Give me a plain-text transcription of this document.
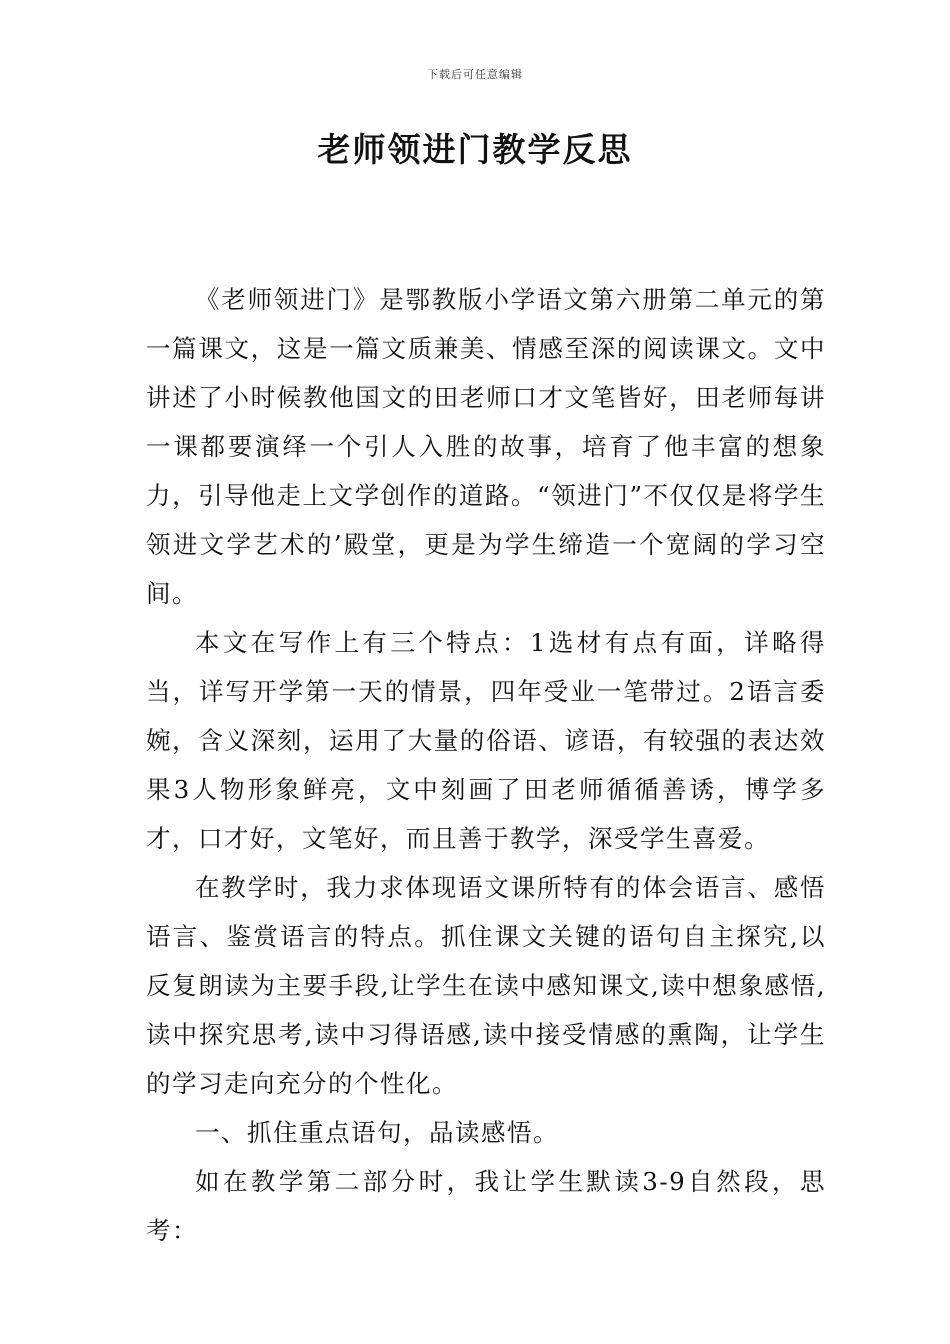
下载后可任意编辑
老师领进门教学反思

《老师领进门》是鄂教版小学语文第六册第二单元的第一篇课文，这是一篇文质兼美、情感至深的阅读课文。文中讲述了小时候教他国文的田老师口才文笔皆好，田老师每讲一课都要演绎一个引人入胜的故事，培育了他丰富的想象力，引导他走上文学创作的道路。“领进门”不仅仅是将学生领进文学艺术的’殿堂，更是为学生缔造一个宽阔的学习空间。

本文在写作上有三个特点：1选材有点有面，详略得当，详写开学第一天的情景，四年受业一笔带过。2语言委婉，含义深刻，运用了大量的俗语、谚语，有较强的表达效果3人物形象鲜亮，文中刻画了田老师循循善诱，博学多才，口才好，文笔好，而且善于教学，深受学生喜爱。

在教学时，我力求体现语文课所特有的体会语言、感悟语言、鉴赏语言的特点。抓住课文关键的语句自主探究,以反复朗读为主要手段,让学生在读中感知课文,读中想象感悟,读中探究思考,读中习得语感,读中接受情感的熏陶，让学生的学习走向充分的个性化。

一、抓住重点语句，品读感悟。

如在教学第二部分时，我让学生默读3-9自然段，思考：
